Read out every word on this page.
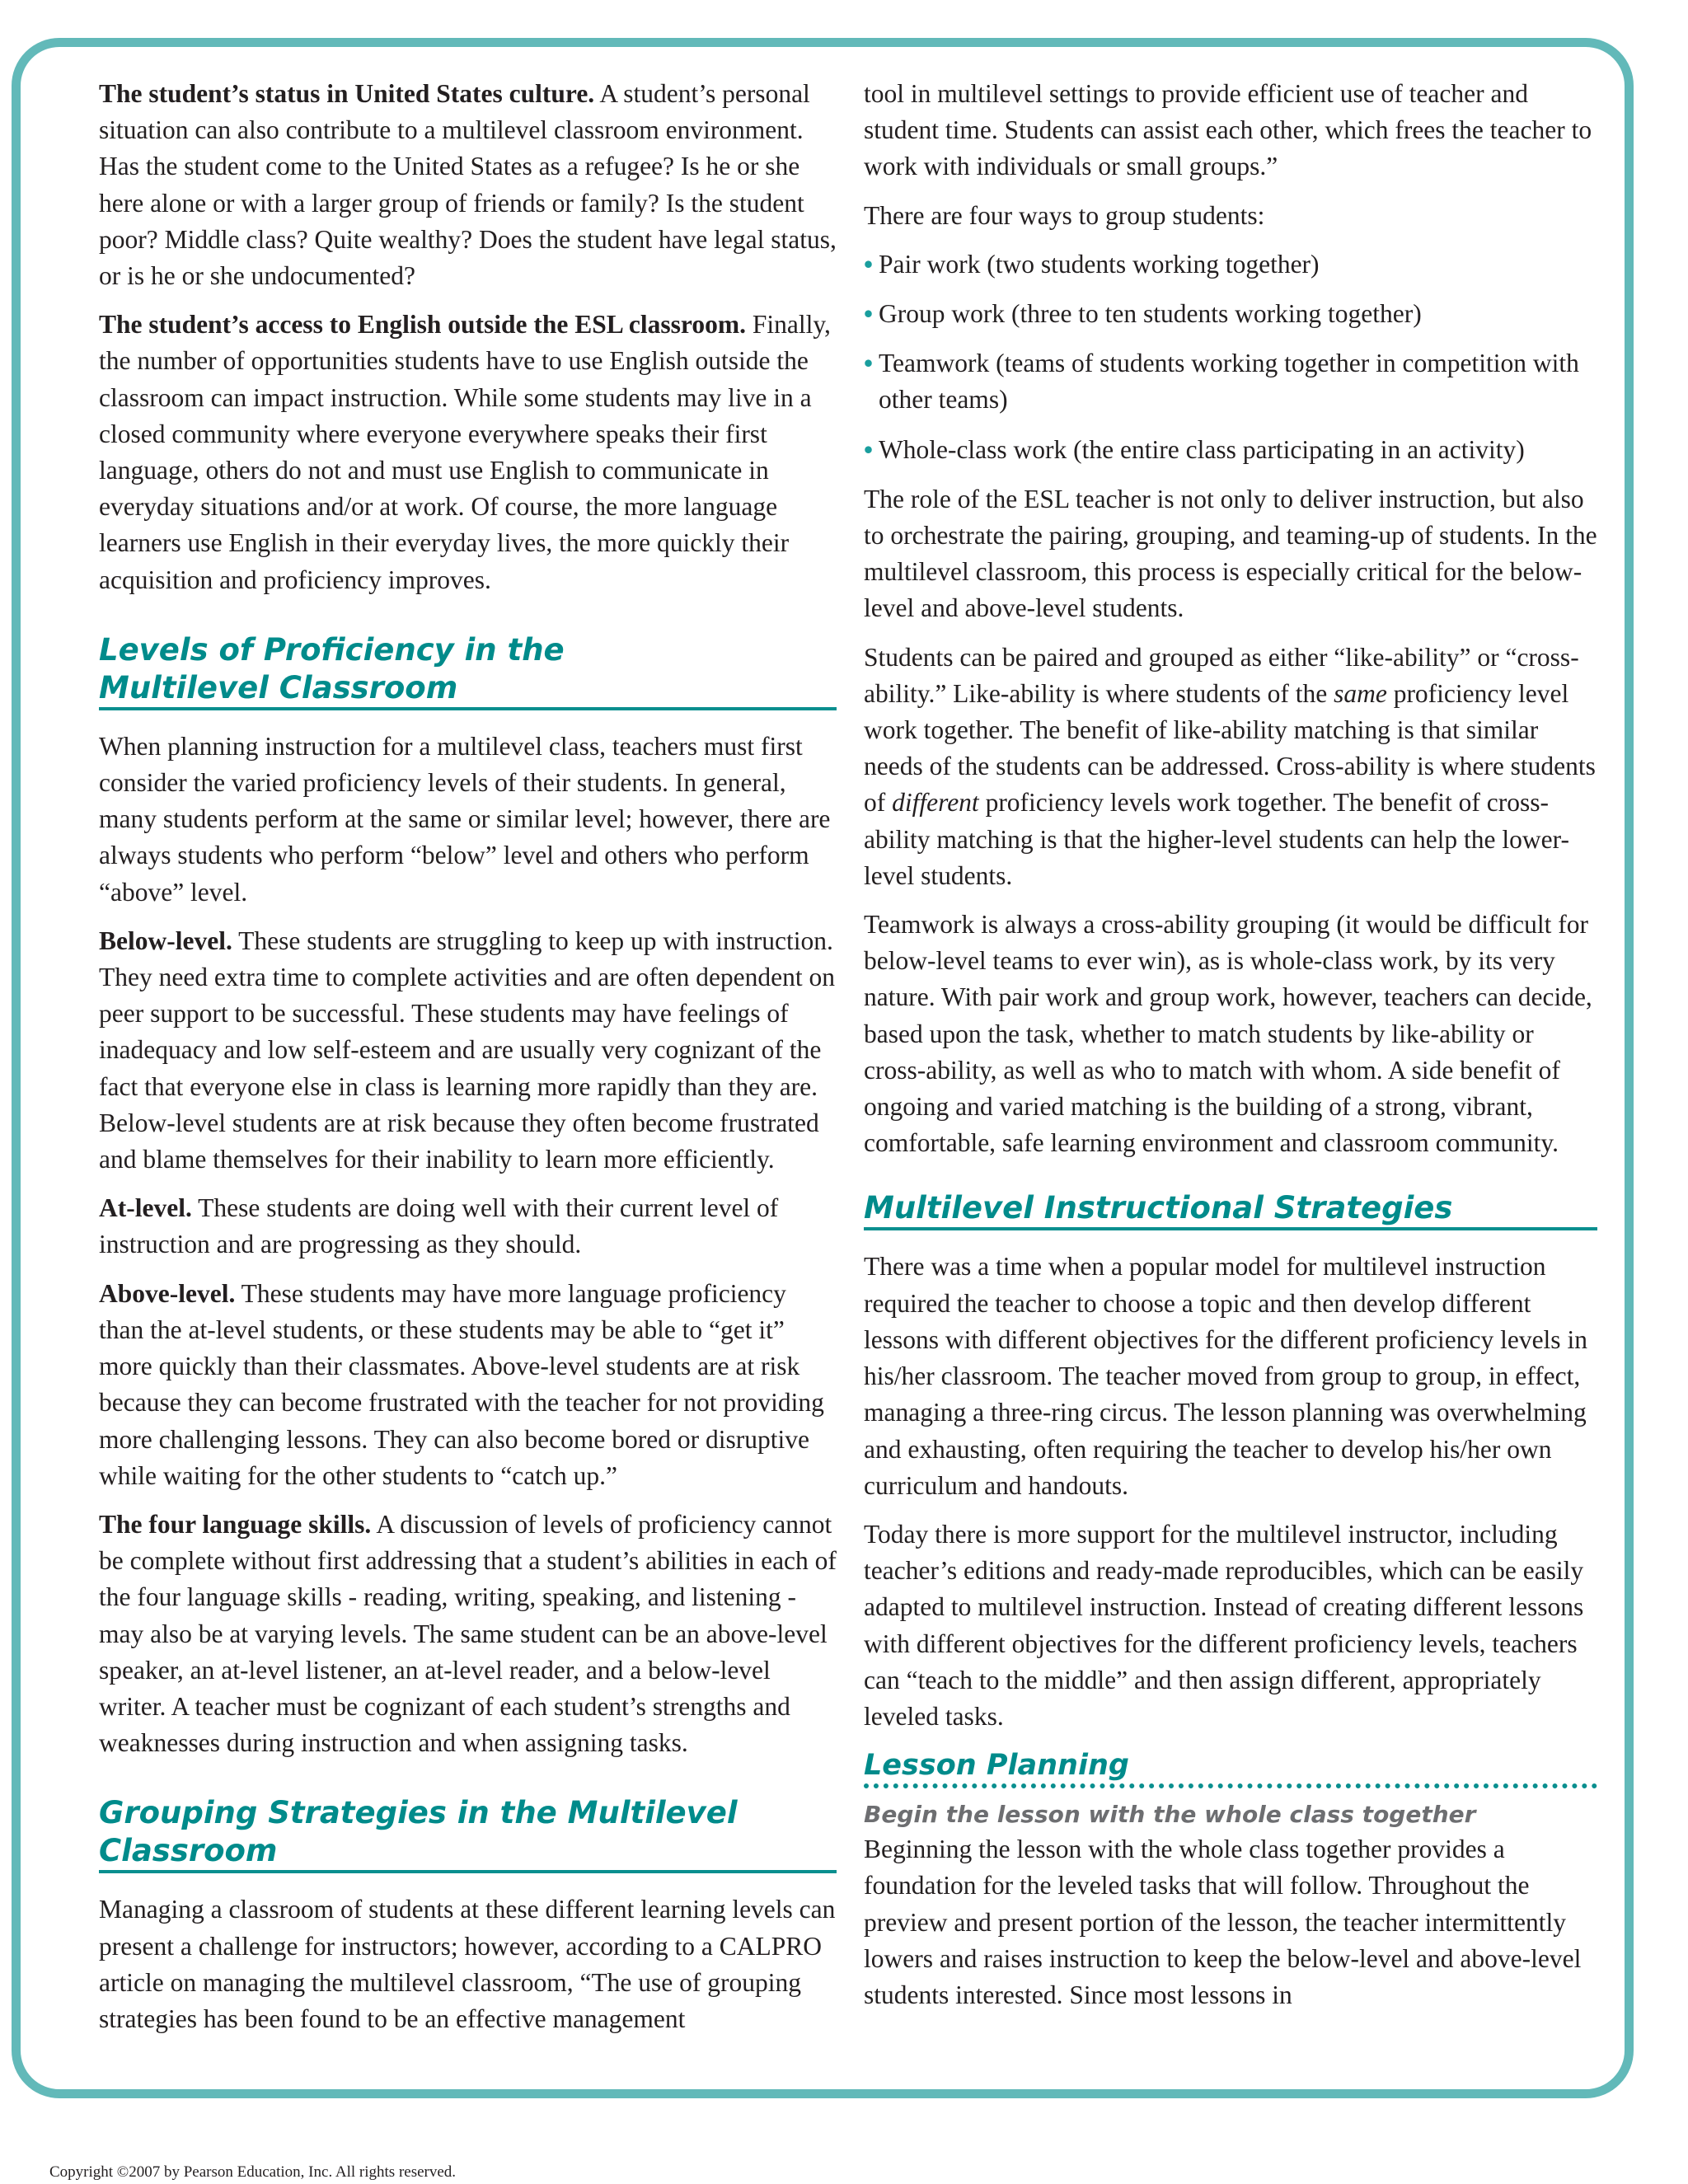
The student’s status in United States culture. A student’s personal situation can also contribute to a multilevel classroom environment. Has the student come to the United States as a refugee? Is he or she here alone or with a larger group of friends or family? Is the student poor? Middle class? Quite wealthy? Does the student have legal status, or is he or she undocumented?

The student’s access to English outside the ESL classroom. Finally, the number of opportunities students have to use English outside the classroom can impact instruction. While some students may live in a closed community where everyone everywhere speaks their first language, others do not and must use English to communicate in everyday situations and/or at work. Of course, the more language learners use English in their everyday lives, the more quickly their acquisition and proficiency improves.

Levels of Proficiency in the
Multilevel Classroom

When planning instruction for a multilevel class, teachers must first consider the varied proficiency levels of their students. In general, many students perform at the same or similar level; however, there are always students who perform “below” level and others who perform “above” level.

Below-level. These students are struggling to keep up with instruction. They need extra time to complete activities and are often dependent on peer support to be successful. These students may have feelings of inadequacy and low self-esteem and are usually very cognizant of the fact that everyone else in class is learning more rapidly than they are. Below-level students are at risk because they often become frustrated and blame themselves for their inability to learn more efficiently.

At-level. These students are doing well with their current level of instruction and are progressing as they should.

Above-level. These students may have more language proficiency than the at-level students, or these students may be able to “get it” more quickly than their classmates. Above-level students are at risk because they can become frustrated with the teacher for not providing more challenging lessons. They can also become bored or disruptive while waiting for the other students to “catch up.”

The four language skills. A discussion of levels of proficiency cannot be complete without first addressing that a student’s abilities in each of the four language skills - reading, writing, speaking, and listening - may also be at varying levels. The same student can be an above-level speaker, an at-level listener, an at-level reader, and a below-level writer. A teacher must be cognizant of each student’s strengths and weaknesses during instruction and when assigning tasks.

Grouping Strategies in the Multilevel Classroom

Managing a classroom of students at these different learning levels can present a challenge for instructors; however, according to a CALPRO article on managing the multilevel classroom, “The use of grouping strategies has been found to be an effective management

tool in multilevel settings to provide efficient use of teacher and student time. Students can assist each other, which frees the teacher to work with individuals or small groups.”

There are four ways to group students:

• Pair work (two students working together)
• Group work (three to ten students working together)
• Teamwork (teams of students working together in competition with other teams)
• Whole-class work (the entire class participating in an activity)

The role of the ESL teacher is not only to deliver instruction, but also to orchestrate the pairing, grouping, and teaming-up of students. In the multilevel classroom, this process is especially critical for the below-level and above-level students.

Students can be paired and grouped as either “like-ability” or “cross-ability.” Like-ability is where students of the same proficiency level work together. The benefit of like-ability matching is that similar needs of the students can be addressed. Cross-ability is where students of different proficiency levels work together. The benefit of cross-ability matching is that the higher-level students can help the lower-level students.

Teamwork is always a cross-ability grouping (it would be difficult for below-level teams to ever win), as is whole-class work, by its very nature. With pair work and group work, however, teachers can decide, based upon the task, whether to match students by like-ability or cross-ability, as well as who to match with whom. A side benefit of ongoing and varied matching is the building of a strong, vibrant, comfortable, safe learning environment and classroom community.

Multilevel Instructional Strategies

There was a time when a popular model for multilevel instruction required the teacher to choose a topic and then develop different lessons with different objectives for the different proficiency levels in his/her classroom. The teacher moved from group to group, in effect, managing a three-ring circus. The lesson planning was overwhelming and exhausting, often requiring the teacher to develop his/her own curriculum and handouts.

Today there is more support for the multilevel instructor, including teacher’s editions and ready-made reproducibles, which can be easily adapted to multilevel instruction. Instead of creating different lessons with different objectives for the different proficiency levels, teachers can “teach to the middle” and then assign different, appropriately leveled tasks.

Lesson Planning
Begin the lesson with the whole class together

Beginning the lesson with the whole class together provides a foundation for the leveled tasks that will follow. Throughout the preview and present portion of the lesson, the teacher intermittently lowers and raises instruction to keep the below-level and above-level students interested. Since most lessons in

Copyright ©2007 by Pearson Education, Inc. All rights reserved.
